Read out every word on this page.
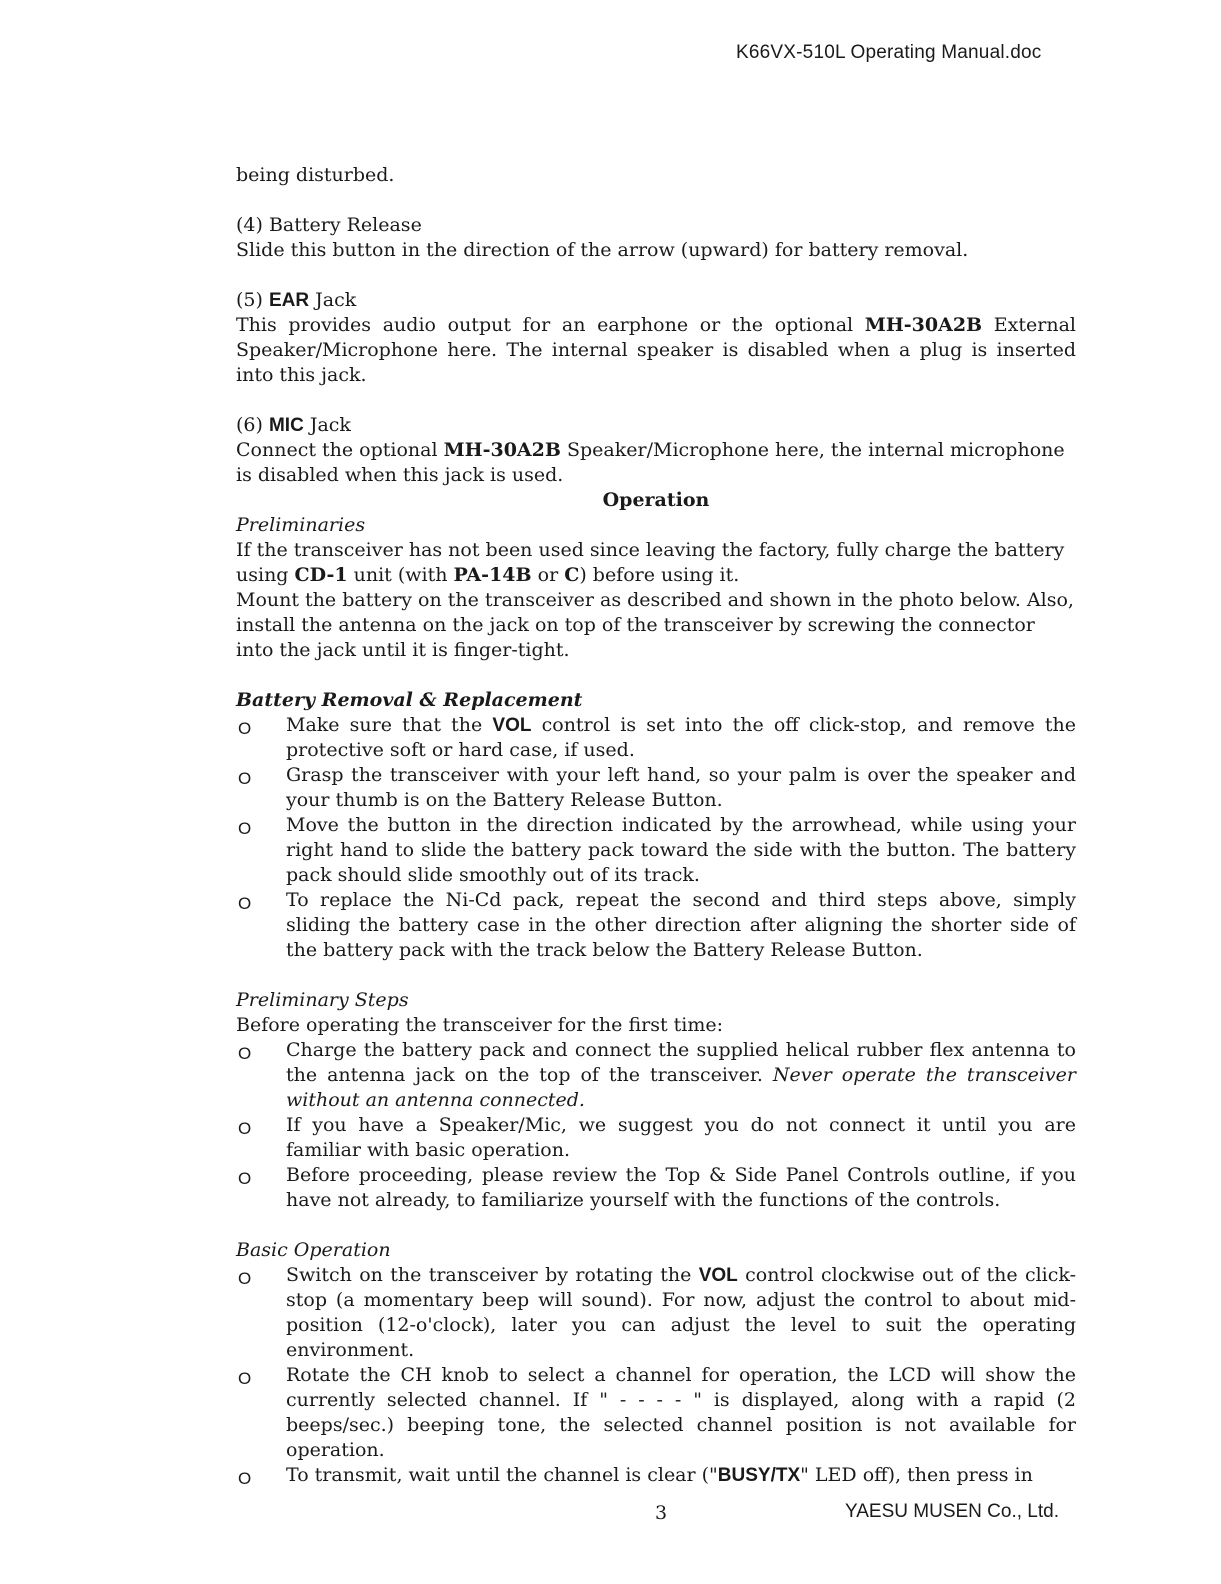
K66VX-510L Operating Manual.doc

being disturbed.

(4) Battery Release

Slide this button in the direction of the arrow (upward) for battery removal.

(5) EAR Jack

This provides audio output for an earphone or the optional MH-30A2B External Speaker/Microphone here. The internal speaker is disabled when a plug is inserted into this jack.

(6) MIC Jack

Connect the optional MH-30A2B Speaker/Microphone here, the internal microphone is disabled when this jack is used.

Operation

Preliminaries

If the transceiver has not been used since leaving the factory, fully charge the battery using CD-1 unit (with PA-14B or C) before using it.

Mount the battery on the transceiver as described and shown in the photo below. Also, install the antenna on the jack on top of the transceiver by screwing the connector into the jack until it is finger-tight.

Battery Removal & Replacement

O Make sure that the VOL control is set into the off click-stop, and remove the protective soft or hard case, if used.
O Grasp the transceiver with your left hand, so your palm is over the speaker and your thumb is on the Battery Release Button.
O Move the button in the direction indicated by the arrowhead, while using your right hand to slide the battery pack toward the side with the button. The battery pack should slide smoothly out of its track.
O To replace the Ni-Cd pack, repeat the second and third steps above, simply sliding the battery case in the other direction after aligning the shorter side of the battery pack with the track below the Battery Release Button.

Preliminary Steps

Before operating the transceiver for the first time:

O Charge the battery pack and connect the supplied helical rubber flex antenna to the antenna jack on the top of the transceiver. Never operate the transceiver without an antenna connected.
O If you have a Speaker/Mic, we suggest you do not connect it until you are familiar with basic operation.
O Before proceeding, please review the Top & Side Panel Controls outline, if you have not already, to familiarize yourself with the functions of the controls.

Basic Operation

O Switch on the transceiver by rotating the VOL control clockwise out of the click-stop (a momentary beep will sound). For now, adjust the control to about mid-position (12-o'clock), later you can adjust the level to suit the operating environment.
O Rotate the CH knob to select a channel for operation, the LCD will show the currently selected channel. If " - - - - " is displayed, along with a rapid (2 beeps/sec.) beeping tone, the selected channel position is not available for operation.
O To transmit, wait until the channel is clear ("BUSY/TX" LED off), then press in
3	YAESU MUSEN Co., Ltd.
